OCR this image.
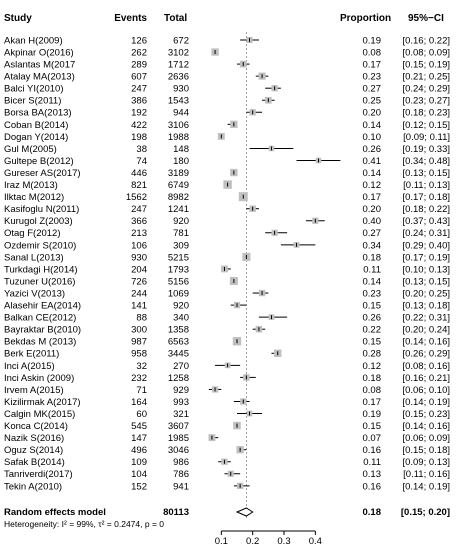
Study	Events Total	Proportion 95%−CI
Akan H(2009)	126	672	0.19 [0.16; 0.22]
Akpinar O(2016)	262 3102	0.08 [0.08; 0.09]
Aslantas M(2017	289 1712	0.17 [0.15; 0.19]
Atalay MA(2013)	607 2636	0.23 [0.21; 0.25]
Balci YI(2010)	247	930	0.27 [0.24; 0.29]
Bicer S(2011)	386 1543	0.25 [0.23; 0.27]
Borsa BA(2013)	192	944	0.20 [0.18; 0.23]
Coban B(2014)	422 3106	0.14 [0.12; 0.15]
Dogan Y(2014)	198 1988	0.10 [0.09; 0.11]
Gul M(2005)	38	148	0.26 [0.19; 0.33]
Gultepe B(2012)	74	180	0.41 [0.34; 0.48]
Gureser AS(2017)	446 3189	0.14 [0.13; 0.15]
Iraz M(2013)	821 6749	0.12 [0.11; 0.13]
Ilktac M(2012)	1562 8982	0.17 [0.17; 0.18]
Kasifoglu N(2011)	247 1241	0.20 [0.18; 0.22]
Kurugol Z(2003)	366	920	0.40 [0.37; 0.43]
Otag F(2012)	213	781	0.27 [0.24; 0.31]
Ozdemir S(2010)	106	309	0.34 [0.29; 0.40]
Sanal L(2013)	930 5215	0.18 [0.17; 0.19]
Turkdagi H(2014)	204 1793	0.11 [0.10; 0.13]
Tuzuner U(2016)	726 5156	0.14 [0.13; 0.15]
Yazici V(2013)	244 1069	0.23 [0.20; 0.25]
Alasehir EA(2014)	141	920	0.15 [0.13; 0.18]
Balkan CE(2012)	88	340	0.26 [0.22; 0.31]
Bayraktar B(2010)	300 1358	0.22 [0.20; 0.24]
Bekdas M (2013)	987 6563	0.15 [0.14; 0.16]
Berk E(2011)	958 3445	0.28 [0.26; 0.29]
Inci A(2015)	32	270	0.12 [0.08; 0.16]
Inci Askin (2009)	232 1258	0.18 [0.16; 0.21]
Irvem A(2015)	71	929	0.08 [0.06; 0.10]
Kizilirmak A(2017)	164	993	0.17 [0.14; 0.19]
Calgin MK(2015)	60	321	0.19 [0.15; 0.23]
Konca C(2014)	545 3607	0.15 [0.14; 0.16]
Nazik S(2016)	147 1985	0.07 [0.06; 0.09]
Oguz S(2014)	496 3046	0.16 [0.15; 0.18]
Safak B(2014)	109	986	0.11 [0.09; 0.13]
Tanriverdi(2017)	104	786	0.13 [0.11; 0.16]
Tekin A(2010)	152	941	0.16 [0.14; 0.19]
Random effects model	80113	0.18 [0.15; 0.20]
Heterogeneity: I² = 99%, τ² = 0.2474, p = 0
0.1 0.2 0.3 0.4
